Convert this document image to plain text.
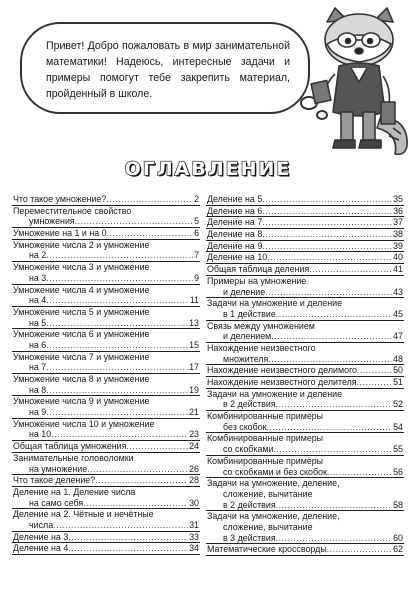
Привет! Добро пожаловать в мир занимательной математики! Надеюсь, интересные задачи и примеры помогут тебе закрепить материал, пройденный в школе.

ОГЛАВЛЕНИЕ
Что такое умножение? .....	2
Переместительное свойство
умножения .....	5
Умножение на 1 и на 0 .....	6
Умножение числа 2 и умножение
на 2 .....	7
Умножение числа 3 и умножение
на 3 .....	9
Умножение числа 4 и умножение
на 4 .....	11
Умножение числа 5 и умножение
на 5 .....	13
Умножение числа 6 и умножение
на 6 .....	15
Умножение числа 7 и умножение
на 7 .....	17
Умножение числа 8 и умножение
на 8 .....	19
Умножение числа 9 и умножение
на 9 .....	21
Умножение числа 10 и умножение
на 10 .....	23
Общая таблица умножения .....	24
Занимательные головоломки
на умножение .....	26
Что такое деление? .....	28
Деление на 1. Деление числа
на само себя .....	30
Деление на 2. Чётные и нечётные
числа .....	31
Деление на 3 .....	33
Деление на 4 .....	34
Деление на 5 .....	35
Деление на 6 .....	36
Деление на 7 .....	37
Деление на 8 .....	38
Деление на 9 .....	39
Деление на 10 .....	40
Общая таблица деления .....	41
Примеры на умножение
и деление .....	43
Задачи на умножение и деление
в 1 действие .....	45
Связь между умножением
и делением .....	47
Нахождение неизвестного
множителя .....	48
Нахождение неизвестного делимого .....	50
Нахождение неизвестного делителя .....	51
Задачи на умножение и деление
в 2 действия .....	52
Комбинированные примеры
без скобок .....	54
Комбинированные примеры
со скобками .....	55
Комбинированные примеры
со скобками и без скобок .....	56
Задачи на умножение, деление,
сложение, вычитание
в 2 действия .....	58
Задачи на умножение, деление,
сложение, вычитание
в 3 действия .....	60
Математические кроссворды .....	62
